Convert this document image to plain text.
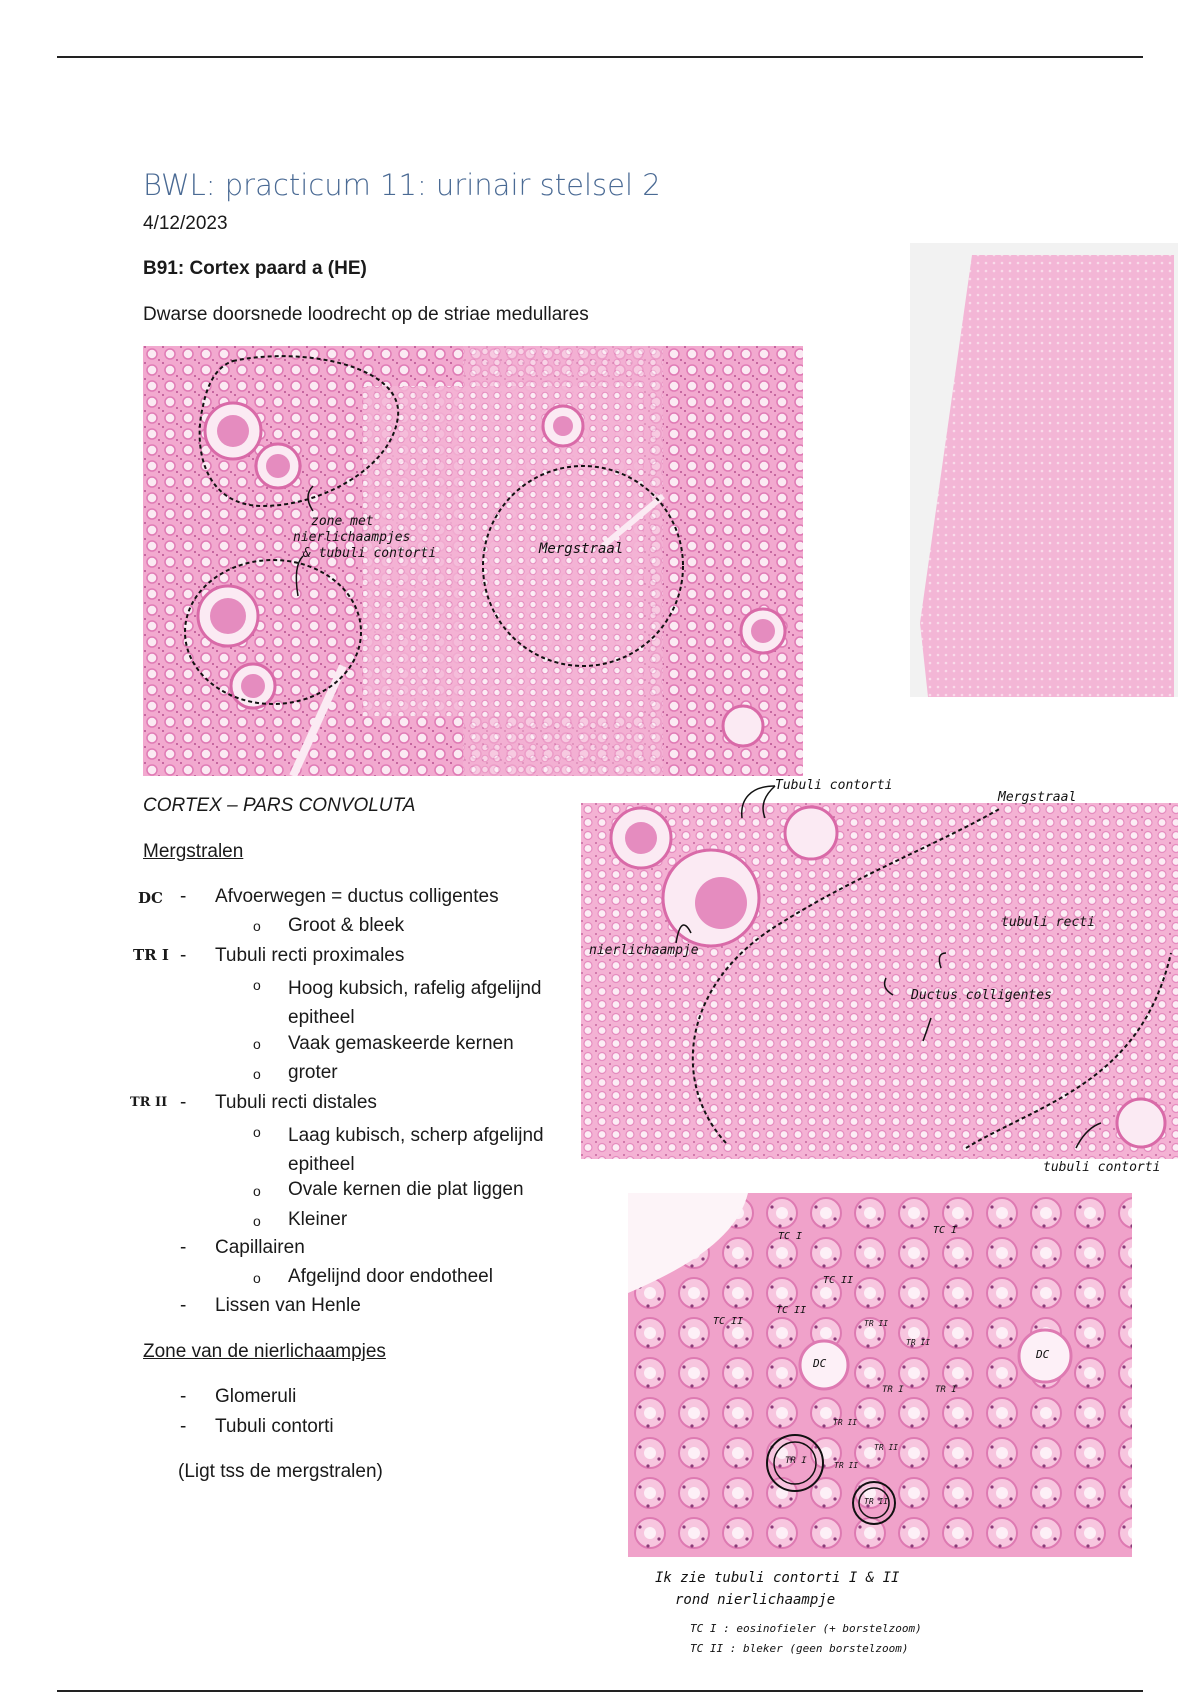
BWL: practicum 11: urinair stelsel 2
4/12/2023
B91: Cortex paard a (HE)
Dwarse doorsnede loodrecht op de striae medullares
zone met
nierlichaampjes
& tubuli contorti	Mergstraal
CORTEX – PARS CONVOLUTA
Mergstralen
DC - Afvoerwegen = ductus colligentes
o Groot & bleek
TR I - Tubuli recti proximales
o Hoog kubsich, rafelig afgelijnd epitheel
o Vaak gemaskeerde kernen
o groter
TR II - Tubuli recti distales
o Laag kubisch, scherp afgelijnd epitheel
o Ovale kernen die plat liggen
o Kleiner
- Capillairen
o Afgelijnd door endotheel
- Lissen van Henle
Zone van de nierlichaampjes
- Glomeruli
- Tubuli contorti
(Ligt tss de mergstralen)
nierlichaampje
tubuli recti
Ductus colligentes
Tubuli contorti
Mergstraal
tubuli contorti
TC I
TC I
TC II
TC II
TC II
DC
DC
TR II
TR II
TR I	TR I
TR II
TR II
TR I	TR II
TR II
Ik zie tubuli contorti I & II
rond nierlichaampje
TC I : eosinofieler (+ borstelzoom)
TC II : bleker (geen borstelzoom)
